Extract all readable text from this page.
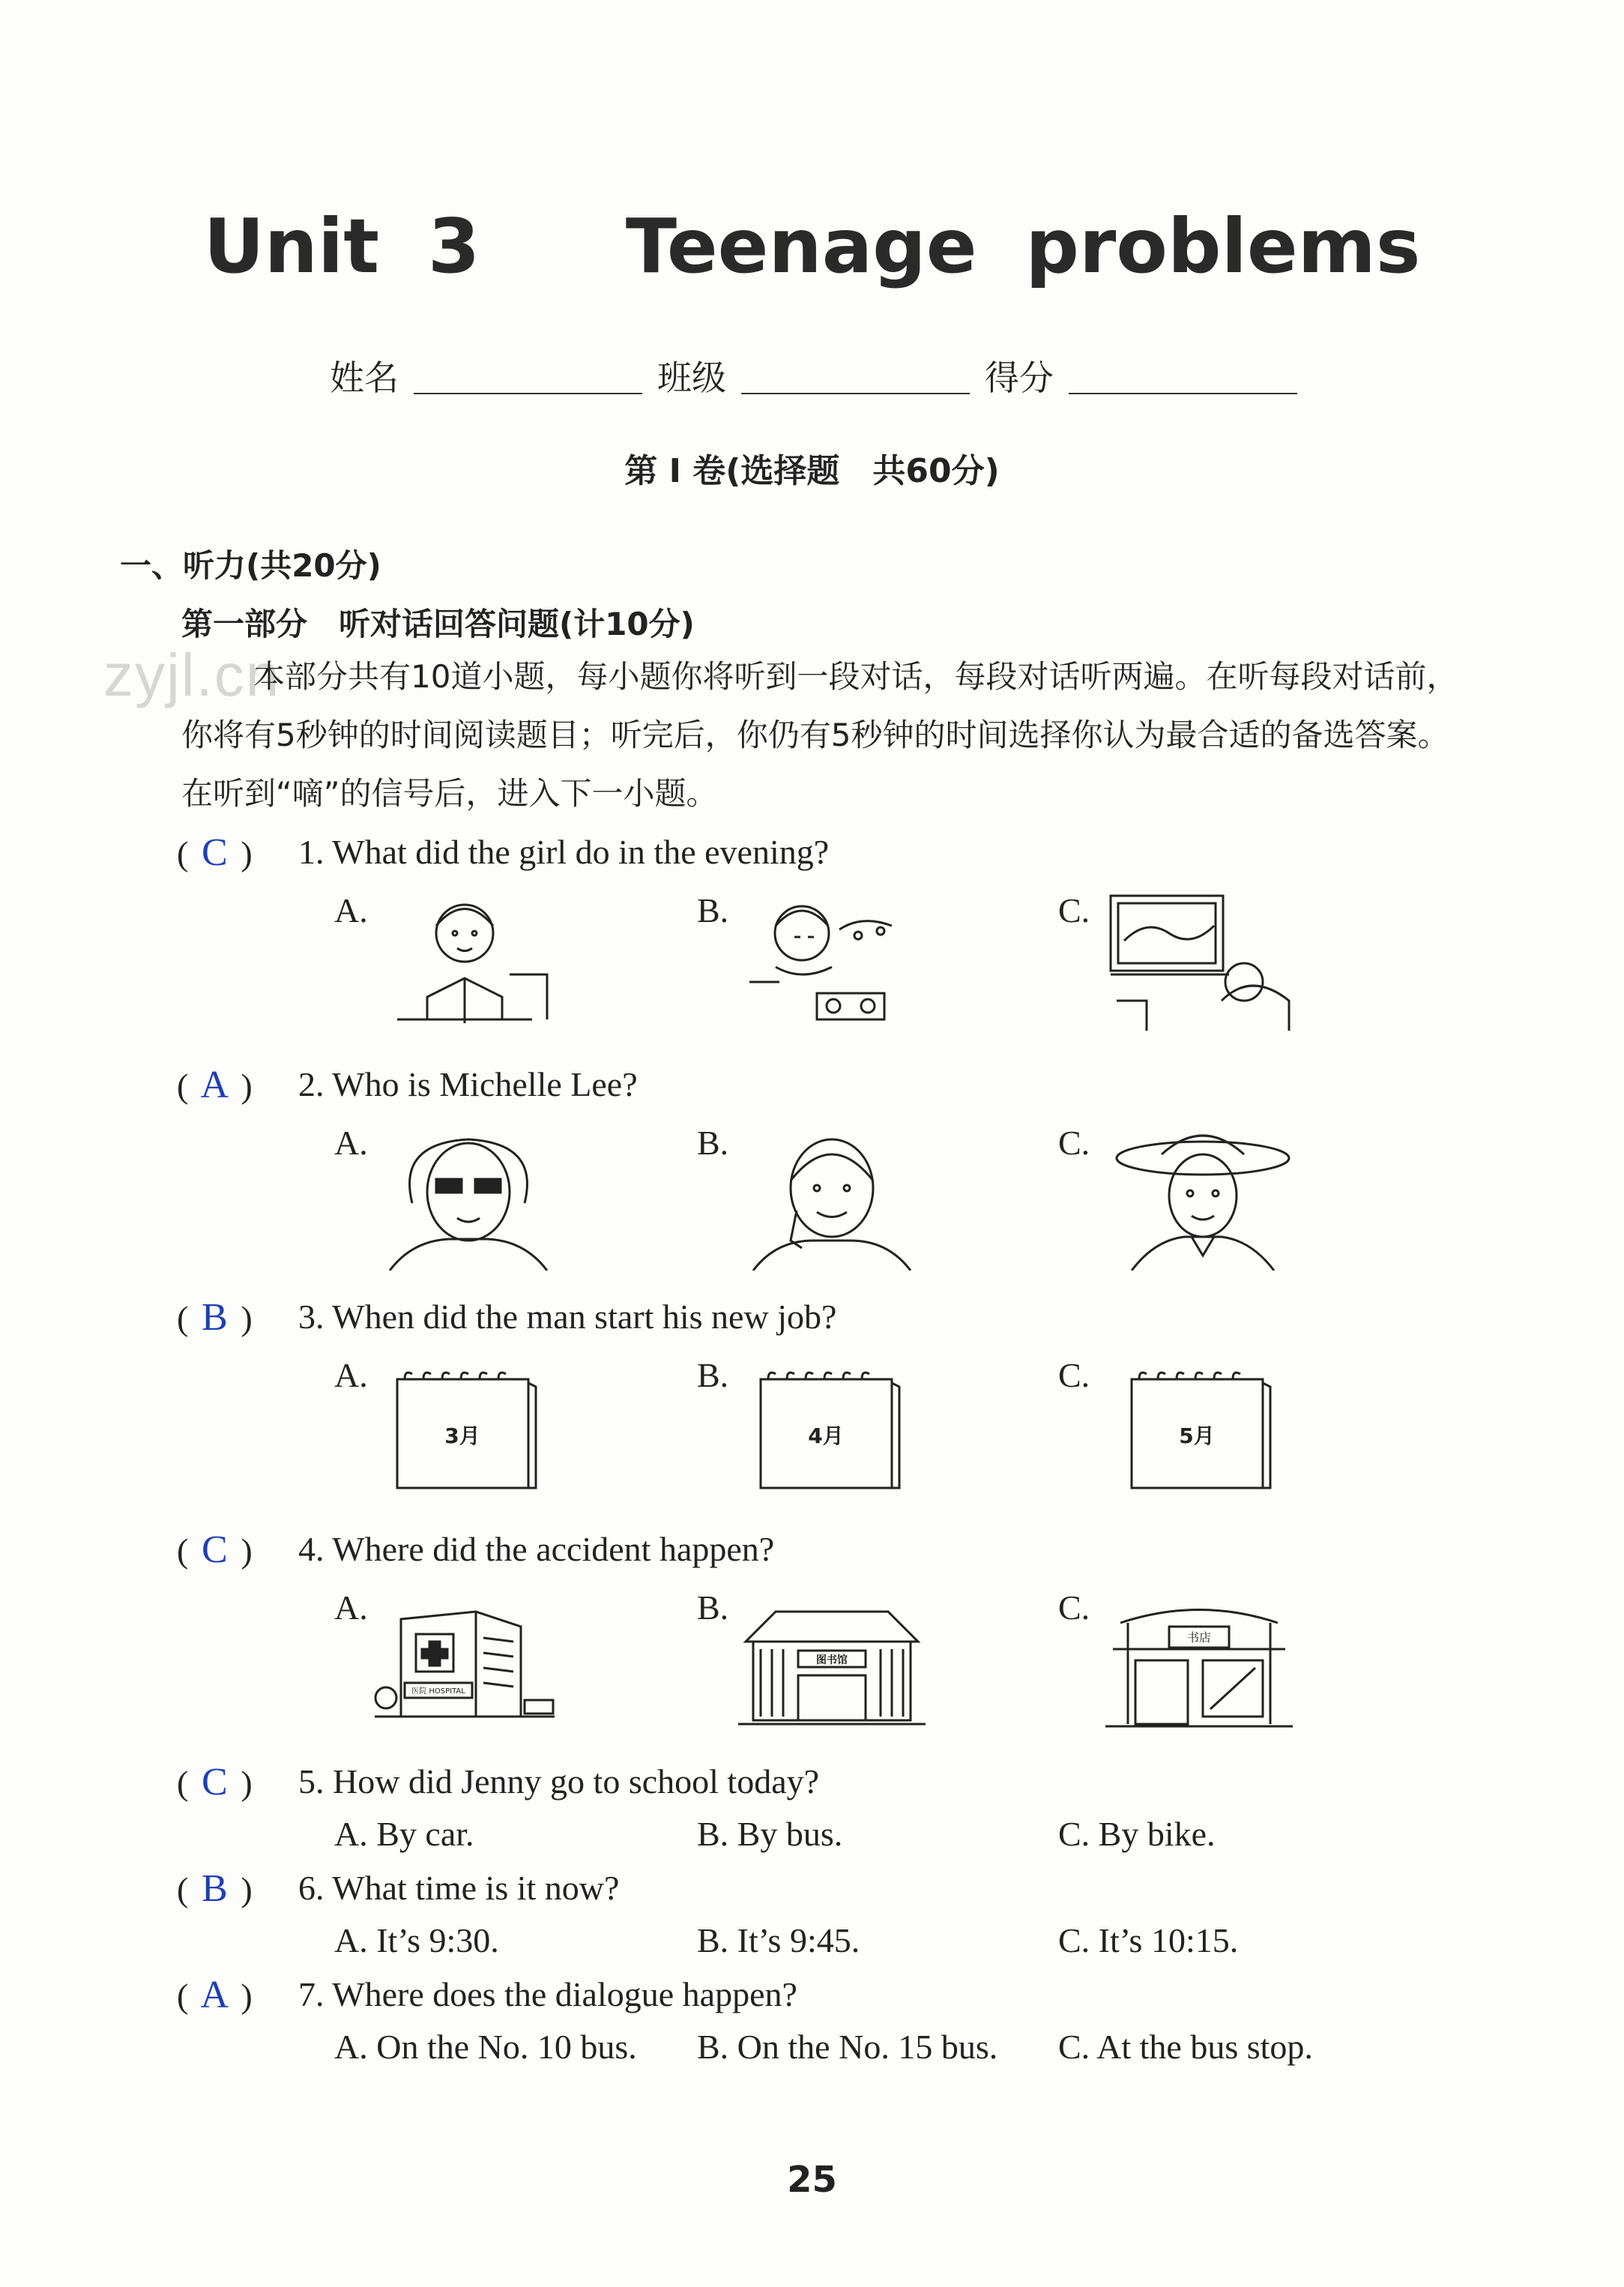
Unit 3   Teenage problems
姓名	班级	得分
第 I 卷(选择题　共60分)
一、听力(共20分)
第一部分　听对话回答问题(计10分)
zyjl.cn
本部分共有10道小题，每小题你将听到一段对话，每段对话听两遍。在听每段对话前，你将有5秒钟的时间阅读题目；听完后，你仍有5秒钟的时间选择你认为最合适的备选答案。在听到“嘀”的信号后，进入下一小题。
( C ) 1. What did the girl do in the evening?
A.	B.	C.
( A ) 2. Who is Michelle Lee?
A.	B.	C.
( B ) 3. When did the man start his new job?
A.	B.	C.
3月	4月	5月
( C ) 4. Where did the accident happen?
A.	B.	C.
医院 HOSPITAL
图书馆
书店
( C ) 5. How did Jenny go to school today?
A. By car.	B. By bus.	C. By bike.
( B ) 6. What time is it now?
A. It’s 9:30.	B. It’s 9:45.	C. It’s 10:15.
( A ) 7. Where does the dialogue happen?
A. On the No. 10 bus. B. On the No. 15 bus. C. At the bus stop.
25
